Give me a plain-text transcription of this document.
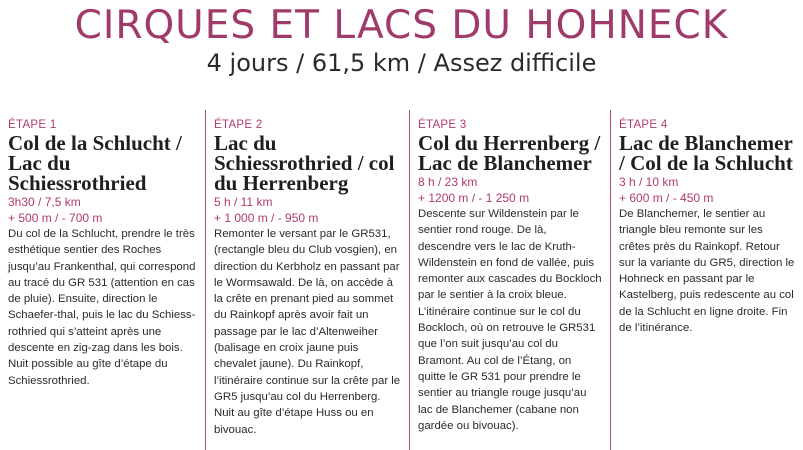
CIRQUES ET LACS DU HOHNECK
4 jours / 61,5 km / Assez difficile
ÉTAPE 1
Col de la Schlucht / Lac du Schiessrothried
3h30 / 7,5 km
+ 500 m / - 700 m
Du col de la Schlucht, prendre le très esthétique sentier des Roches jusqu’au Frankenthal, qui correspond au tracé du GR 531 (attention en cas de pluie). Ensuite, direction le Schaefer-thal, puis le lac du Schiess-rothried qui s’atteint après une descente en zig-zag dans les bois. Nuit possible au gîte d’étape du Schiessrothried.
ÉTAPE 2
Lac du Schiessrothried / col du Herrenberg
5 h / 11 km
+ 1 000 m / - 950 m
Remonter le versant par le GR531, (rectangle bleu du Club vosgien), en direction du Kerbholz en passant par le Wormsawald. De là, on accède à la crête en prenant pied au sommet du Rainkopf après avoir fait un passage par le lac d’Altenweiher (balisage en croix jaune puis chevalet jaune). Du Rainkopf, l’itinéraire continue sur la crête par le GR5 jusqu’au col du Herrenberg. Nuit au gîte d’étape Huss ou en bivouac.
ÉTAPE 3
Col du Herrenberg / Lac de Blanchemer
8 h / 23 km
+ 1200 m / - 1 250 m
Descente sur Wildenstein par le sentier rond rouge. De là, descendre vers le lac de Kruth-Wildenstein en fond de vallée, puis remonter aux cascades du Bockloch par le sentier à la croix bleue. L’itinéraire continue sur le col du Bockloch, où on retrouve le GR531 que l’on suit jusqu’au col du Bramont. Au col de l’Étang, on quitte le GR 531 pour prendre le sentier au triangle rouge jusqu’au lac de Blanchemer (cabane non gardée ou bivouac).
ÉTAPE 4
Lac de Blanchemer / Col de la Schlucht
3 h / 10 km
+ 600 m / - 450 m
De Blanchemer, le sentier au triangle bleu remonte sur les crêtes près du Rainkopf. Retour sur la variante du GR5, direction le Hohneck en passant par le Kastelberg, puis redescente au col de la Schlucht en ligne droite. Fin de l’itinérance.
